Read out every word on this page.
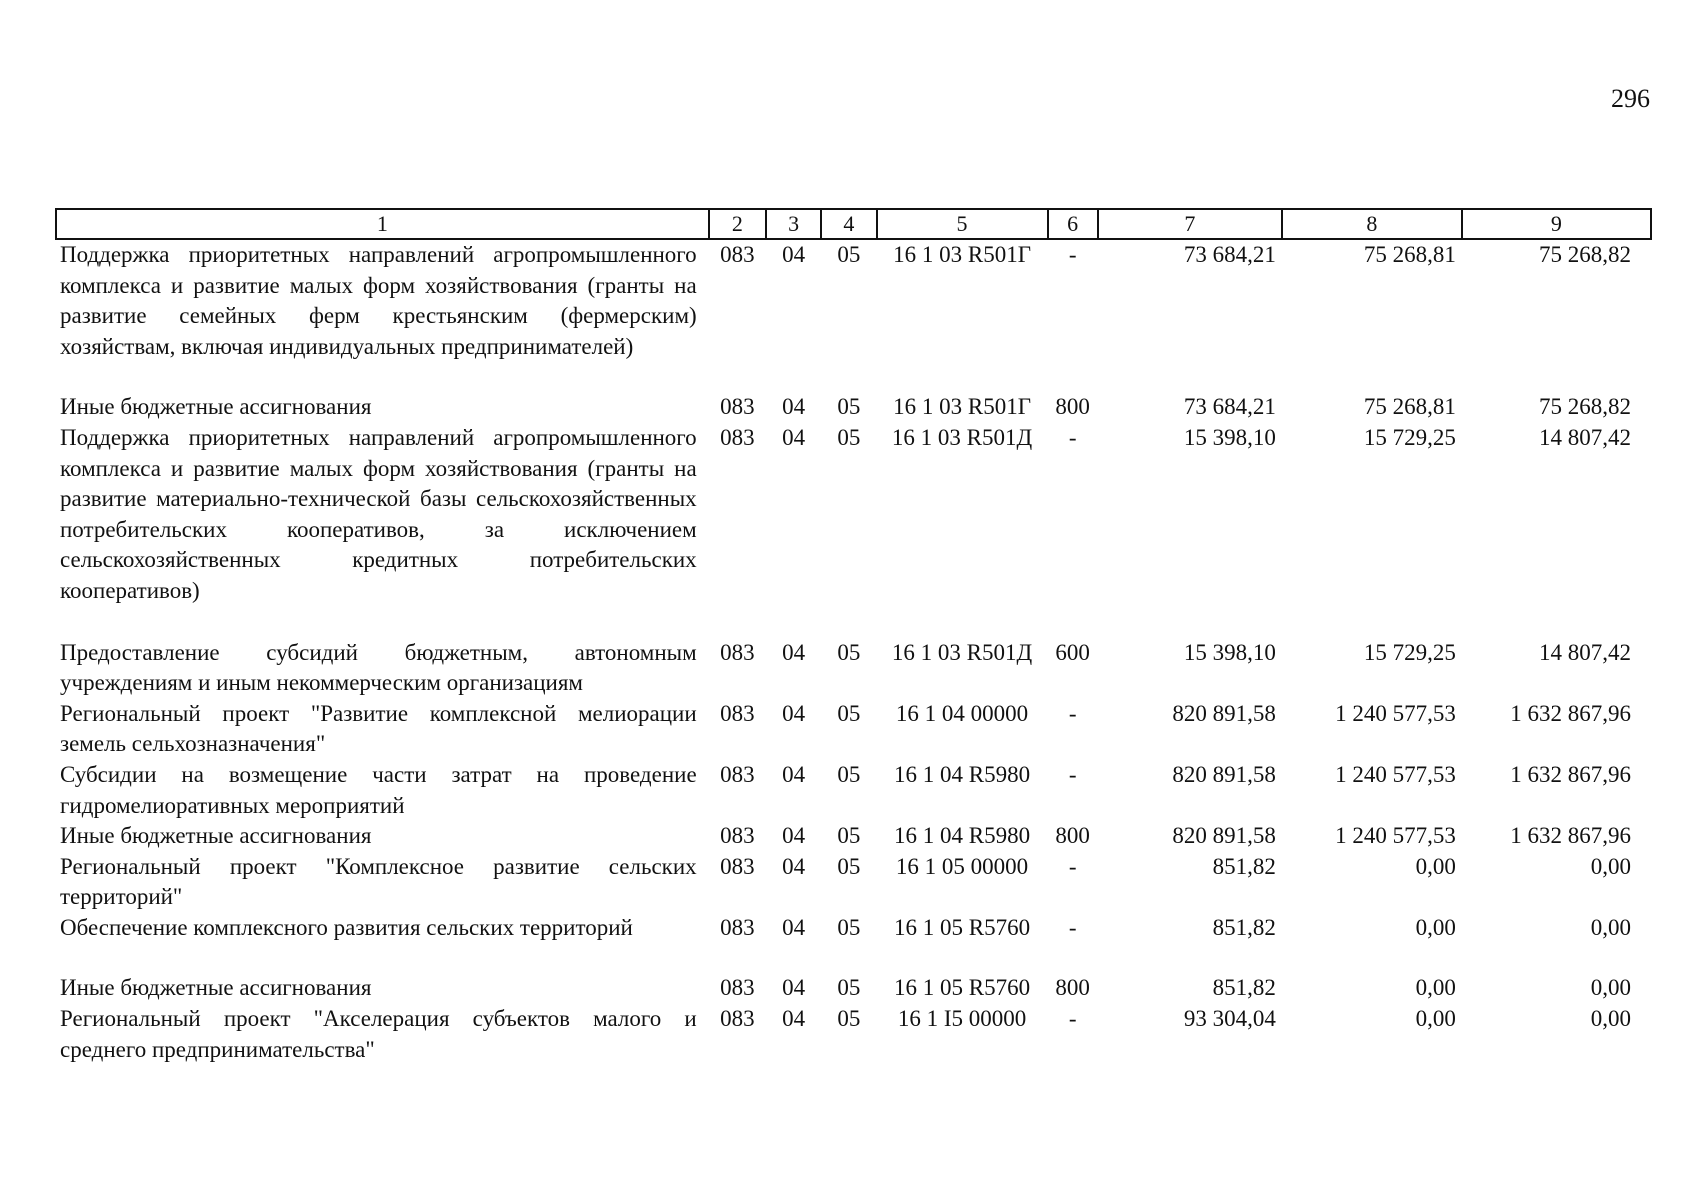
296
1	2	3	4	5	6	7	8	9
Поддержка приоритетных направлений агропромышленного комплекса и развитие малых форм хозяйствования (гранты на развитие семейных ферм крестьянским (фермерским) хозяйствам, включая индивидуальных предпринимателей)	083	04	05	16 1 03 R501Г	-	73 684,21	75 268,81	75 268,82
Иные бюджетные ассигнования	083	04	05	16 1 03 R501Г	800	73 684,21	75 268,81	75 268,82
Поддержка приоритетных направлений агропромышленного комплекса и развитие малых форм хозяйствования (гранты на развитие материально-технической базы сельскохозяйственных потребительских кооперативов, за исключением сельскохозяйственных кредитных потребительских кооперативов)	083	04	05	16 1 03 R501Д	-	15 398,10	15 729,25	14 807,42
Предоставление субсидий бюджетным, автономным учреждениям и иным некоммерческим организациям	083	04	05	16 1 03 R501Д	600	15 398,10	15 729,25	14 807,42
Региональный проект "Развитие комплексной мелиорации земель сельхозназначения"	083	04	05	16 1 04 00000	-	820 891,58	1 240 577,53	1 632 867,96
Субсидии на возмещение части затрат на проведение гидромелиоративных мероприятий	083	04	05	16 1 04 R5980	-	820 891,58	1 240 577,53	1 632 867,96
Иные бюджетные ассигнования	083	04	05	16 1 04 R5980	800	820 891,58	1 240 577,53	1 632 867,96
Региональный проект "Комплексное развитие сельских территорий"	083	04	05	16 1 05 00000	-	851,82	0,00	0,00
Обеспечение комплексного развития сельских территорий	083	04	05	16 1 05 R5760	-	851,82	0,00	0,00
Иные бюджетные ассигнования	083	04	05	16 1 05 R5760	800	851,82	0,00	0,00
Региональный проект "Акселерация субъектов малого и среднего предпринимательства"	083	04	05	16 1 I5 00000	-	93 304,04	0,00	0,00
